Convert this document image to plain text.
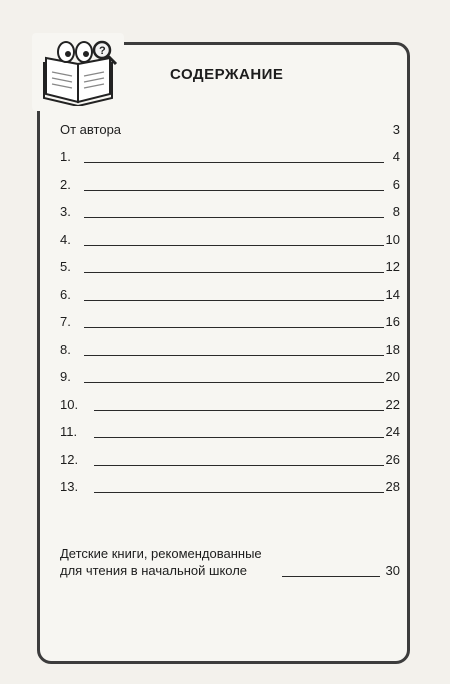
?
СОДЕРЖАНИЕ
От автора	3
1.	4
2.	6
3.	8
4.	10
5.	12
6.	14
7.	16
8.	18
9.	20
10.	22
11.	24
12.	26
13.	28
Детские книги, рекомендованные
для чтения в начальной школе	30
